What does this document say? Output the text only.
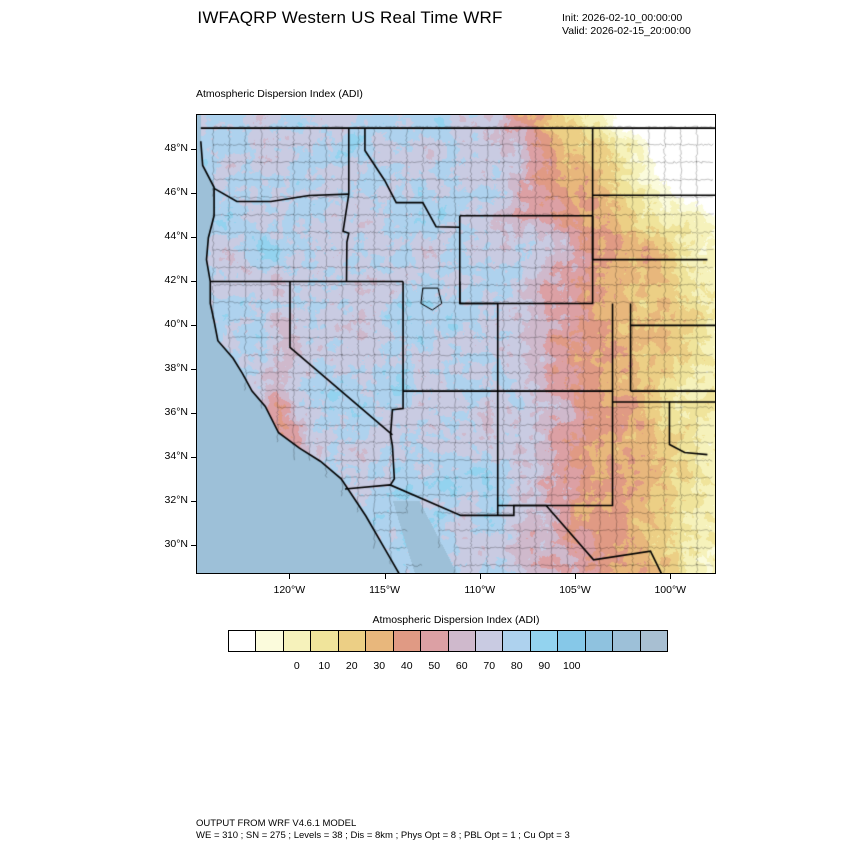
IWFAQRP Western US Real Time WRF	Init: 2026-02-10_00:00:00
Valid: 2026-02-15_20:00:00
Atmospheric Dispersion Index (ADI)
Atmospheric Dispersion Index (ADI)
0 10 20 30 40 50 60 70 80 90 100
OUTPUT FROM WRF V4.6.1 MODEL
WE = 310 ; SN = 275 ; Levels = 38 ; Dis = 8km ; Phys Opt = 8 ; PBL Opt = 1 ; Cu Opt = 3
48°N
46°N
44°N
42°N
40°N
38°N
36°N
34°N
32°N
30°N
120°W	115°W	110°W	105°W	100°W
